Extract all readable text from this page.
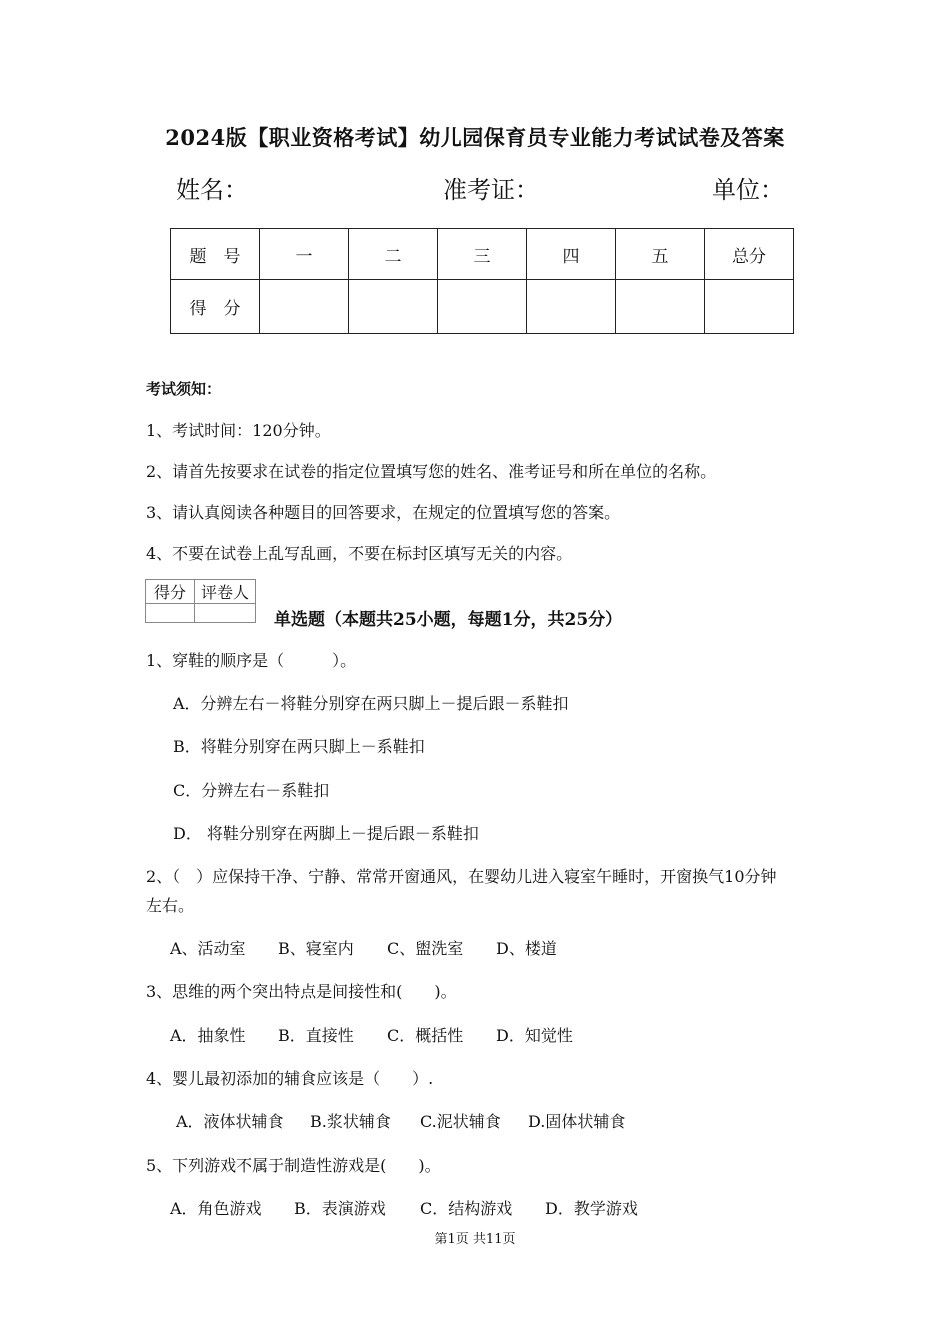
2024版【职业资格考试】幼儿园保育员专业能力考试试卷及答案
姓名：	准考证：	单位：
题　号	一	二	三	四	五	总分
得　分						
考试须知：
1、考试时间：120分钟。
2、请首先按要求在试卷的指定位置填写您的姓名、准考证号和所在单位的名称。
3、请认真阅读各种题目的回答要求，在规定的位置填写您的答案。
4、不要在试卷上乱写乱画，不要在标封区填写无关的内容。
得分	评卷人

单选题（本题共25小题，每题1分，共25分）
1、穿鞋的顺序是（　　　）。
A．分辨左右－将鞋分别穿在两只脚上－提后跟－系鞋扣
B．将鞋分别穿在两只脚上－系鞋扣
C．分辨左右－系鞋扣
D． 将鞋分别穿在两脚上－提后跟－系鞋扣
2、（　）应保持干净、宁静、常常开窗通风，在婴幼儿进入寝室午睡时，开窗换气10分钟
左右。
A、活动室 B、寝室内 C、盥洗室 D、楼道
3、思维的两个突出特点是间接性和(　　)。
A．抽象性 B．直接性 C．概括性 D．知觉性
4、婴儿最初添加的辅食应该是（　　）.
A．液体状辅食 B.浆状辅食 C.泥状辅食 D.固体状辅食
5、下列游戏不属于制造性游戏是(　　)。
A．角色游戏 B．表演游戏 C．结构游戏 D．教学游戏
第1页 共11页
